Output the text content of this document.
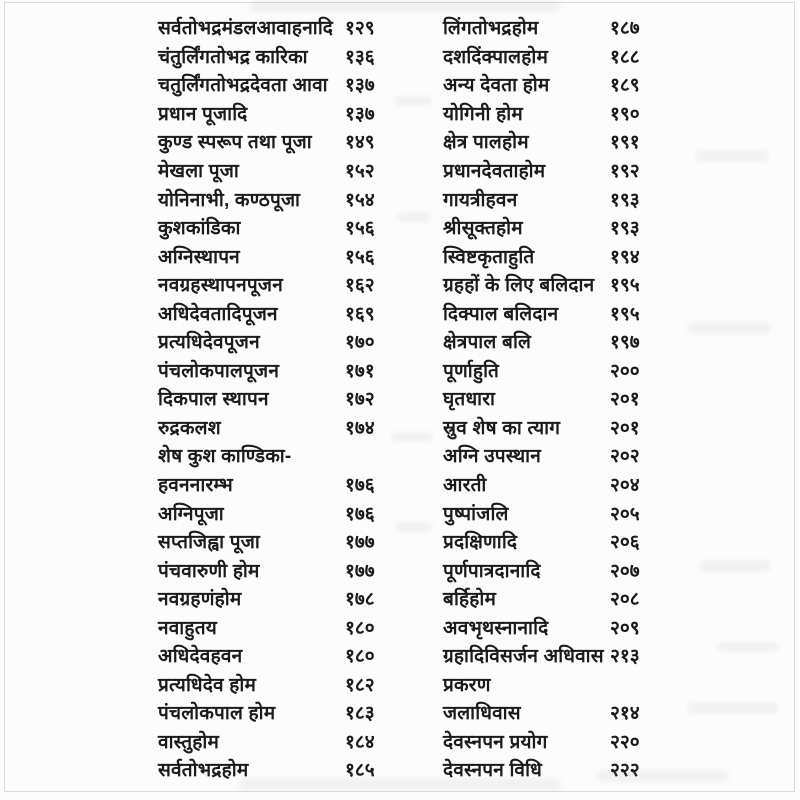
सर्वतोभद्रमंडलआवाहनादि १२९
चंतुर्लिंगतोभद्र कारिका	१३६
चतुर्लिंगतोभद्रदेवता आवा १३७
प्रधान पूजादि	१३७
कुण्ड स्परूप तथा पूजा	१४९
मेखला पूजा	१५२
योनिनाभी, कण्ठपूजा	१५४
कुशकांडिका	१५६
अग्निस्थापन	१५६
नवग्रहस्थापनपूजन	१६२
अधिदेवतादिपूजन	१६९
प्रत्यधिदेवपूजन	१७०
पंचलोकपालपूजन	१७१
दिकपाल स्थापन	१७२
रुद्रकलश	१७४
शेष कुश काण्डिका-
हवननारम्भ	१७६
अग्निपूजा	१७६
सप्तजिह्वा पूजा	१७७
पंचवारुणी होम	१७७
नवग्रहणंहोम	१७८
नवाहुतय	१८०
अधिदेवहवन	१८०
प्रत्यधिदेव होम	१८२
पंचलोकपाल होम	१८३
वास्तुहोम	१८४
सर्वतोभद्रहोम	१८५
लिंगतोभद्रहोम	१८७
दशदिंक्पालहोम	१८८
अन्य देवता होम	१८९
योगिनी होम	१९०
क्षेत्र पालहोम	१९१
प्रधानदेवताहोम	१९२
गायत्रीहवन	१९३
श्रीसूक्तहोम	१९३
स्विष्टकृताहुति	१९४
ग्रहहों के लिए बलिदान १९५
दिक्पाल बलिदान	१९५
क्षेत्रपाल बलि	१९७
पूर्णाहुति	२००
घृतधारा	२०१
स्रुव शेष का त्याग	२०१
अग्नि उपस्थान	२०२
आरती	२०४
पुष्पांजलि	२०५
प्रदक्षिणादि	२०६
पूर्णपात्रदानादि	२०७
बर्हिहोम	२०८
अवभृथस्नानादि	२०९
ग्रहादिविसर्जन अधिवास २१३
प्रकरण
जलाधिवास	२१४
देवस्नपन प्रयोग	२२०
देवस्नपन विधि	२२२
